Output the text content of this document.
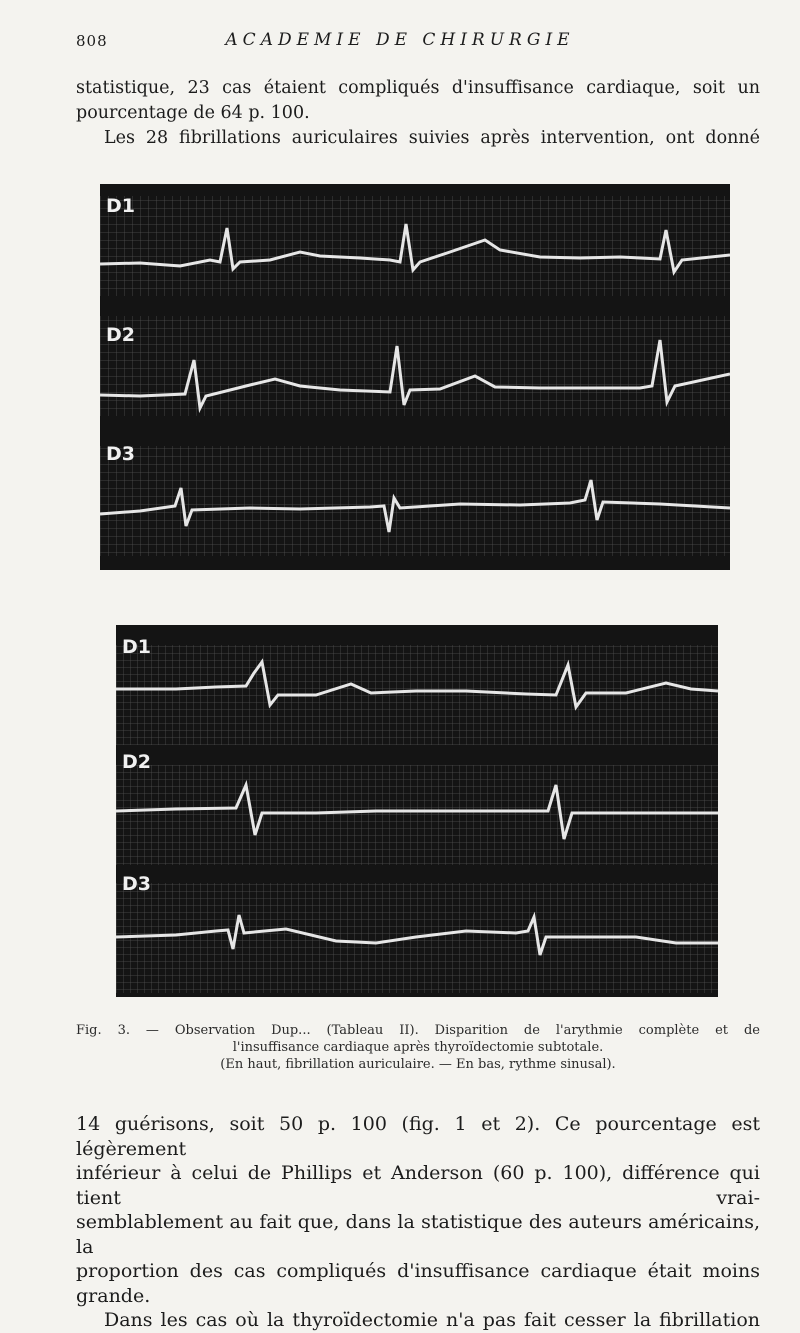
808	ACADEMIE DE CHIRURGIE
statistique, 23 cas étaient compliqués d'insuffisance cardiaque, soit un
pourcentage de 64 p. 100.
Les 28 fibrillations auriculaires suivies après intervention, ont donné
D1
D2
D3
D1
D2
D3
Fig. 3. — Observation Dup... (Tableau II). Disparition de l'arythmie complète et de
l'insuffisance cardiaque après thyroïdectomie subtotale.
(En haut, fibrillation auriculaire. — En bas, rythme sinusal).
14 guérisons, soit 50 p. 100 (fig. 1 et 2). Ce pourcentage est légèrement
inférieur à celui de Phillips et Anderson (60 p. 100), différence qui tient vrai-
semblablement au fait que, dans la statistique des auteurs américains, la
proportion des cas compliqués d'insuffisance cardiaque était moins grande.
Dans les cas où la thyroïdectomie n'a pas fait cesser la fibrillation
